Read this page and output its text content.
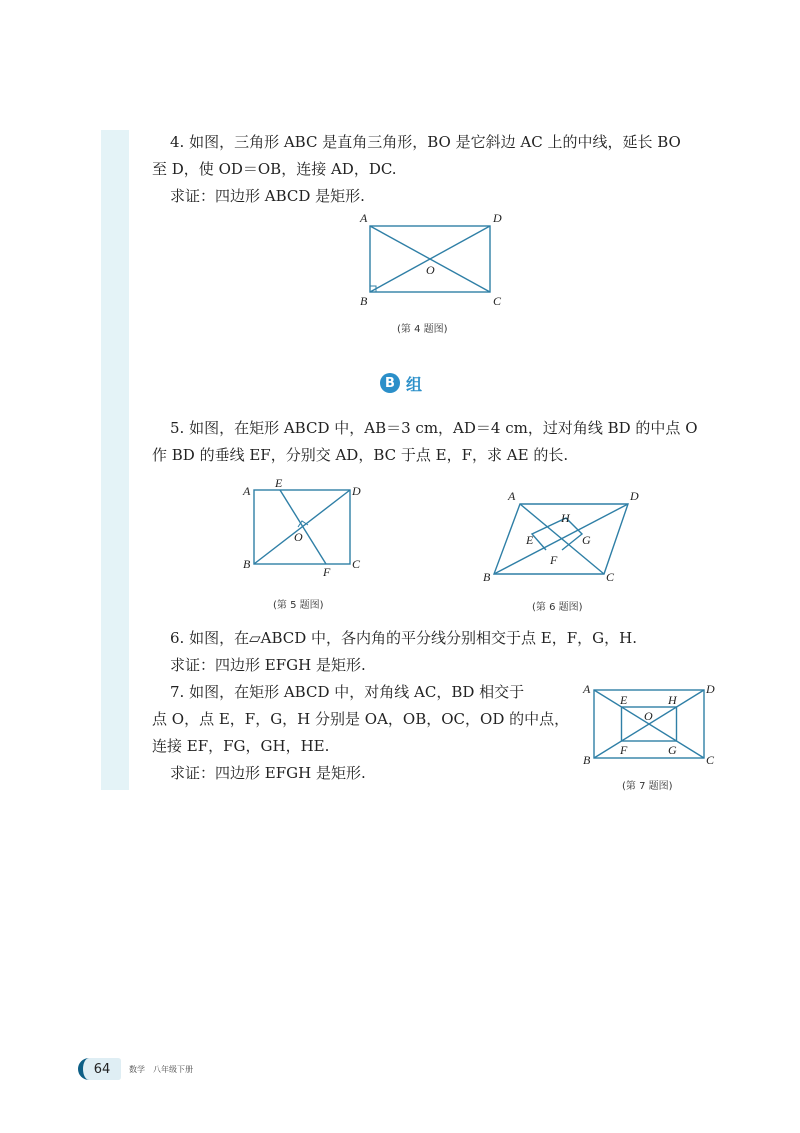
4. 如图，三角形 ABC 是直角三角形，BO 是它斜边 AC 上的中线，延长 BO
至 D，使 OD＝OB，连接 AD，DC.
求证：四边形 ABCD 是矩形.
A	D
B	C
O
(第 4 题图)
B 组
5. 如图，在矩形 ABCD 中，AB＝3 cm，AD＝4 cm，过对角线 BD 的中点 O
作 BD 的垂线 EF，分别交 AD，BC 于点 E，F，求 AE 的长.
A
E
D
B
F
C
O
(第 5 题图)
A	D
B	C
H
E	G
F
(第 6 题图)
6. 如图，在▱ABCD 中，各内角的平分线分别相交于点 E，F，G，H.
求证：四边形 EFGH 是矩形.
7. 如图，在矩形 ABCD 中，对角线 AC，BD 相交于
点 O，点 E，F，G，H 分别是 OA，OB，OC，OD 的中点，
连接 EF，FG，GH，HE.
求证：四边形 EFGH 是矩形.
A	D
B	C
E	H
F	G
O
(第 7 题图)
64	数学　八年级下册
